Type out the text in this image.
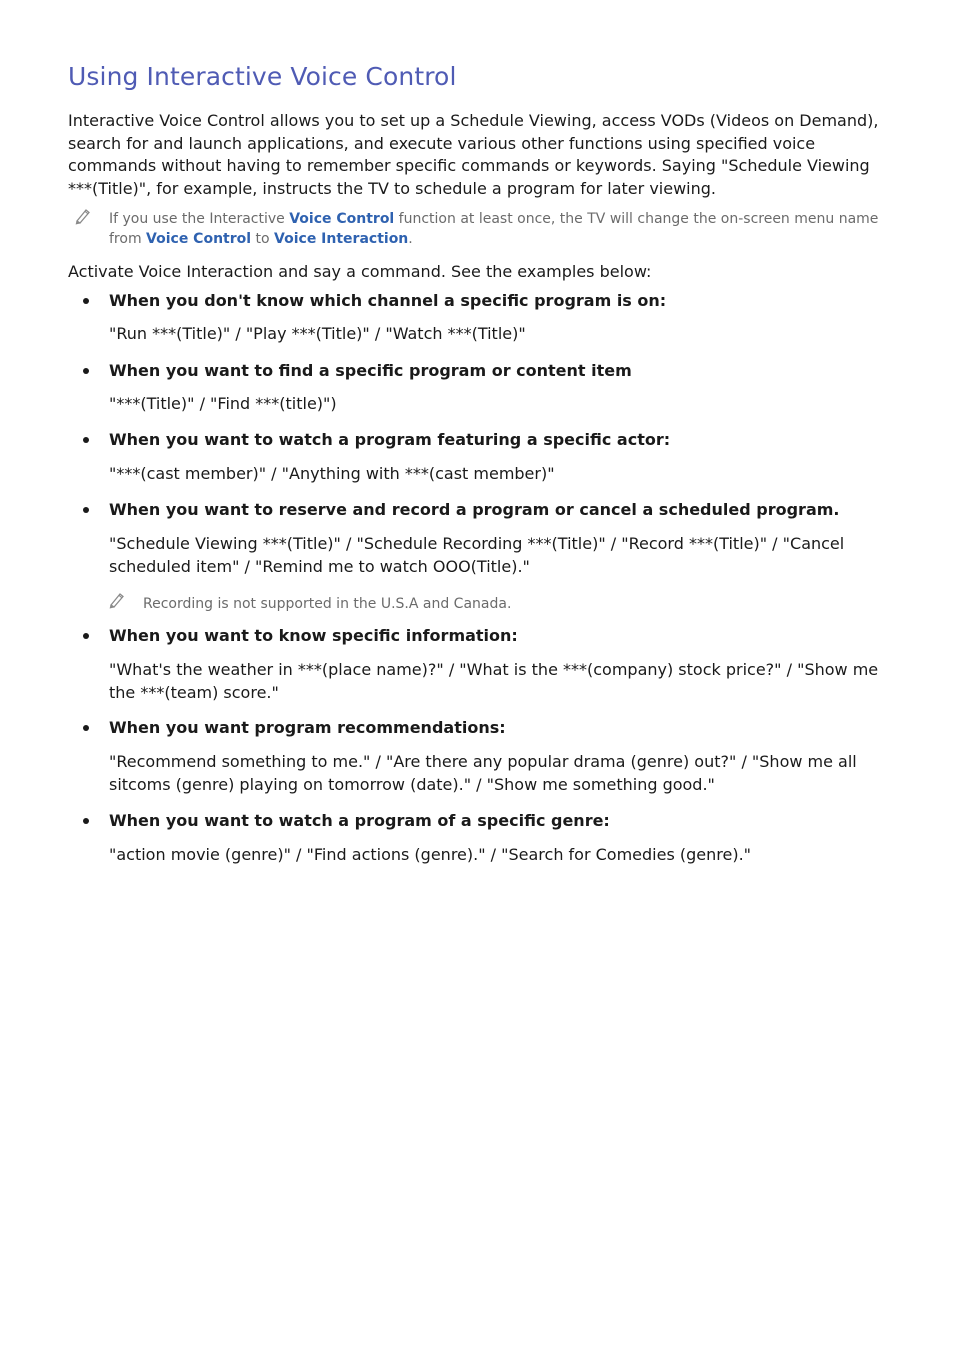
Using Interactive Voice Control

Interactive Voice Control allows you to set up a Schedule Viewing, access VODs (Videos on Demand), search for and launch applications, and execute various other functions using specified voice commands without having to remember specific commands or keywords. Saying "Schedule Viewing ***(Title)", for example, instructs the TV to schedule a program for later viewing.

If you use the Interactive Voice Control function at least once, the TV will change the on-screen menu name from Voice Control to Voice Interaction.

Activate Voice Interaction and say a command. See the examples below:

When you don't know which channel a specific program is on:

"Run ***(Title)" / "Play ***(Title)" / "Watch ***(Title)"

When you want to find a specific program or content item

"***(Title)" / "Find ***(title)")

When you want to watch a program featuring a specific actor:

"***(cast member)" / "Anything with ***(cast member)"

When you want to reserve and record a program or cancel a scheduled program.

"Schedule Viewing ***(Title)" / "Schedule Recording ***(Title)" / "Record ***(Title)" / "Cancel scheduled item" / "Remind me to watch OOO(Title)."

Recording is not supported in the U.S.A and Canada.

When you want to know specific information:

"What's the weather in ***(place name)?" / "What is the ***(company) stock price?" / "Show me the ***(team) score."

When you want program recommendations:

"Recommend something to me." / "Are there any popular drama (genre) out?" / "Show me all sitcoms (genre) playing on tomorrow (date)." / "Show me something good."

When you want to watch a program of a specific genre:

"action movie (genre)" / "Find actions (genre)." / "Search for Comedies (genre)."
